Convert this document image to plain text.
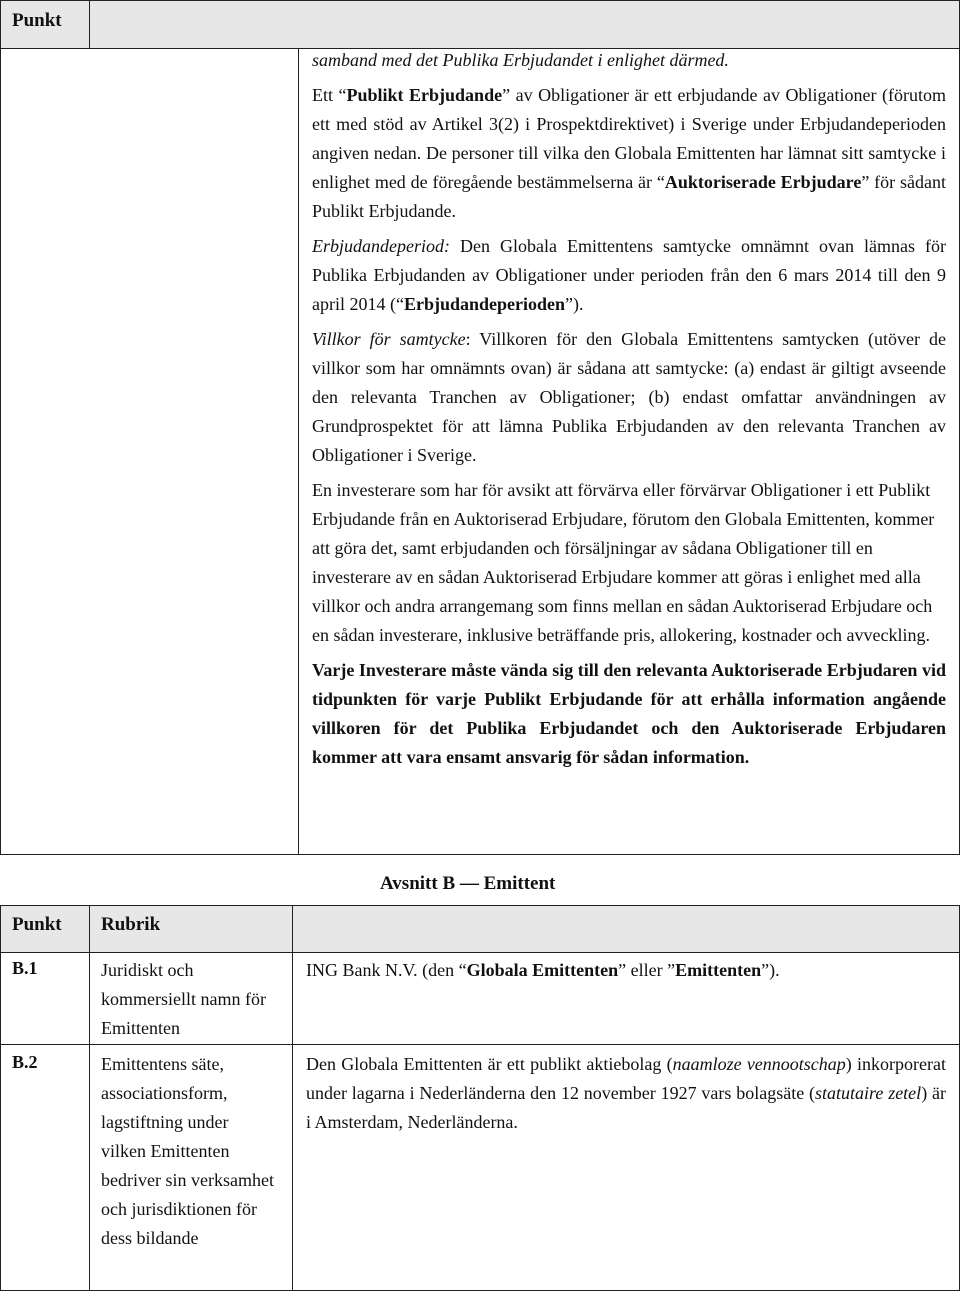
Punkt

samband med det Publika Erbjudandet i enlighet därmed.

Ett “Publikt Erbjudande” av Obligationer är ett erbjudande av Obligationer (förutom ett med stöd av Artikel 3(2) i Prospektdirektivet) i Sverige under Erbjudandeperioden angiven nedan. De personer till vilka den Globala Emittenten har lämnat sitt samtycke i enlighet med de föregående bestämmelserna är “Auktoriserade Erbjudare” för sådant Publikt Erbjudande.

Erbjudandeperiod: Den Globala Emittentens samtycke omnämnt ovan lämnas för Publika Erbjudanden av Obligationer under perioden från den 6 mars 2014 till den 9 april 2014 (“Erbjudandeperioden”).

Villkor för samtycke: Villkoren för den Globala Emittentens samtycken (utöver de villkor som har omnämnts ovan) är sådana att samtycke: (a) endast är giltigt avseende den relevanta Tranchen av Obligationer; (b) endast omfattar användningen av Grundprospektet för att lämna Publika Erbjudanden av den relevanta Tranchen av Obligationer i Sverige.

En investerare som har för avsikt att förvärva eller förvärvar Obligationer i ett Publikt Erbjudande från en Auktoriserad Erbjudare, förutom den Globala Emittenten, kommer att göra det, samt erbjudanden och försäljningar av sådana Obligationer till en investerare av en sådan Auktoriserad Erbjudare kommer att göras i enlighet med alla villkor och andra arrangemang som finns mellan en sådan Auktoriserad Erbjudare och en sådan investerare, inklusive beträffande pris, allokering, kostnader och avveckling.

Varje Investerare måste vända sig till den relevanta Auktoriserade Erbjudaren vid tidpunkten för varje Publikt Erbjudande för att erhålla information angående villkoren för det Publika Erbjudandet och den Auktoriserade Erbjudaren kommer att vara ensamt ansvarig för sådan information.

Avsnitt B — Emittent
Punkt Rubrik
B.1	Juridiskt och kommersiellt namn för Emittenten
ING Bank N.V. (den “Globala Emittenten” eller ”Emittenten”).
B.2	Emittentens säte, associationsform, lagstiftning under vilken Emittenten bedriver sin verksamhet och jurisdiktionen för dess bildande
Den Globala Emittenten är ett publikt aktiebolag (naamloze vennootschap) inkorporerat under lagarna i Nederländerna den 12 november 1927 vars bolagsäte (statutaire zetel) är i Amsterdam, Nederländerna.
